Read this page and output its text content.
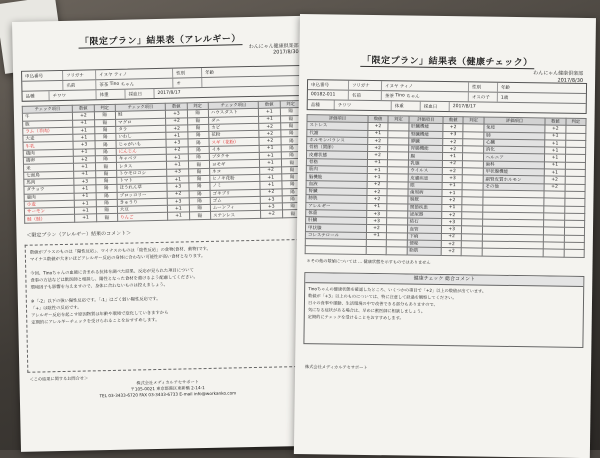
「限定プラン」結果表（アレルギー）	わんにゃん健康倶楽部
2017/8/30
申込番号	フリガナ	イヌヤ ティノ	性別	年齢
名前	茶茶
Tino
ちゃん	オ
品種	チワワ	体重	採血日	2017/8/17
チェック項目	数値	判定	チェック項目	数値	判定	チェック項目	数値	判定
牛	+2	陽	鮭	+3	陽	ハウスダスト	+1	陽
豚	+1	陽	マグロ	+2	陽	ダニ	+1	陽
ラム（羊肉）	+1	陽	タラ	+2	陽	カビ	+2	陽
大麦	+1	陽	いわし	+1	陽	花粉	+2	陽
牛乳	+3	陽	じゃがいも	+3	陽	スギ（花粉）	+2	陽
鶏肉	+1	陽	にんじん	+2	陽	イネ	+1	陽
鶏卵	+2	陽	キャベツ	+1	陽	ブタクサ	+1	陽
米	+1	陽	レタス	+1	陽	ヨモギ	+1	陽
七面鳥	+1	陽	トウモロコシ	+3	陽	ネコ	+2	陽
馬肉	+3	陽	トマト	+1	陽	ヒノキ花粉	+1	陽
ダチョウ	+1	陽	ほうれん草	+3	陽	ノミ	+1	陽
鹿肉	+1	陽	ブロッコリー	+2	陽	ゴキブリ	+2	陽
小麦	+1	陽	きゅうり	+3	陽	ゴム	+3	陽
サーモン	+1	陽	大豆	+1	陽	ムーンフィ	+3	陽
鮭（鮭）	+1	陽	りんご	+1	陽	ステンレス	+2	陽
＜限定プラン（アレルギー）結果のコメント＞
数値がプラスのものは「陽性反応」、マイナスのものは「陰性反応」の食物(食材、動物)です。
マイナス数値が大きいほどアレルギー反応の身体に合わない可能性が高い食材となります。
今回、Tinoちゃんの血液に含まれる抗体を調べた結果、反応が見られた項目について
食事の方法などは獣医師と相談し、陽性となった食材を避けるよう配慮してください。
環境因子も影響を与えますので、身体に合わないものは控えましょう。
※「-2」以下の強い陽性反応です。「-1」はごく弱い陽性反応です。
「+」は陰性の反応です。
アレルギー反応を起こす原因物質は年齢や環境で変化していきますから
定期的にアレルギーチェックを受けられることをおすすめします。
＜この結果に関するお問合せ＞
株式会社メディカルアセサポート
〒105-0021 東京都港区東新橋 2-14-1
TEL 03-3433-6720 FAX 03-3433-6733 E-mail info@workanko.com
「限定プラン」結果表（健康チェック）
わんにゃん健康倶楽部
2017/8/30
申込番号	フリガナ	イヌヤ ティノ	性別	年齢
00182-011	名前	茶茶
Tino
ちゃん	オスの子	1歳
品種	チワワ	体重	採血日	2017/8/17
評価項目	数値	判定	評価項目	数値	判定	評価項目	数値	判定
ストレス	+2		肝臓機能	+2		免疫	+2	
代謝	+1		腎臓機能	+3		肺	+1	
ホルモンバランス	+2		膵臓	+2		心臓	+1	
骨格（関節）	+2		胃腸機能	+2		消化	+1	
皮膚状態	+2		腸	+1		ヘルニア	+1	
骨格	+1		乳腺	+2		歯科	+1	
筋肉	+1		ウイルス	+2		甲状腺機能	+1	
脳機能	+1		皮膚疾患	+3		副腎皮質ホルモン	+2	
血液	+2		眼	+1		その他	+2	
腎臓	+2		歯周病	+1				
膀胱	+2		膀胱	+2				
アレルギー	+1		関節疾患	+1				
体重	+3		泌尿器	+2				
肝臓	+3		結石	+3				
甲状腺	+2		血管	+3				
コレステロール	+1		下痢	+2				
			便秘	+2				
			脂肪	+2				
＊その他の数値については … 健康状態を示すものではありません
健康チェック 総合コメント
Tinoちゃんの健康状態を確認したところ、いくつかの項目で「+2」以上の数値が出ています。
数値が「+3」以上のものについては、特に注意して経過を観察してください。
日々の食事や運動、生活環境の中で改善できる部分もありますので、
気になる症状がある場合は、早めに獣医師に相談しましょう。
定期的にチェックを受けることをおすすめします。
株式会社メディカルアセサポート
